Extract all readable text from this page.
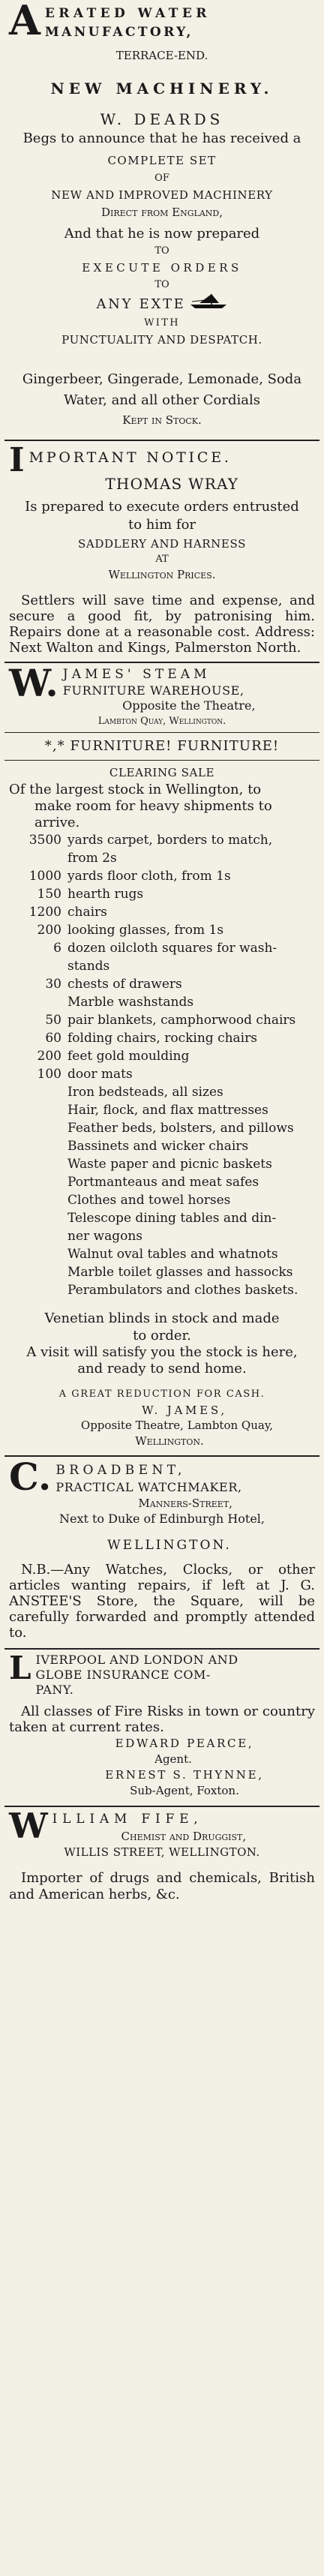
A ERATED WATER
MANUFACTORY,
TERRACE-END.
NEW MACHINERY.
W. DEARDS
Begs to announce that he has received a
COMPLETE SET
OF
NEW AND IMPROVED MACHINERY
Direct from England,
And that he is now prepared
TO
EXECUTE ORDERS
TO
ANY EXTE
WITH
PUNCTUALITY AND DESPATCH.
Gingerbeer, Gingerade, Lemonade, Soda
Water, and all other Cordials
Kept in Stock.
I MPORTANT NOTICE.
THOMAS WRAY
Is prepared to execute orders entrusted
to him for
SADDLERY AND HARNESS
AT
Wellington Prices.
Settlers will save time and expense, and secure a good fit, by patronising him. Repairs done at a reasonable cost. Address: Next Walton and Kings, Palmerston North.
W. JAMES' STEAM
FURNITURE WAREHOUSE,
Opposite the Theatre,
Lambton Quay, Wellington.
*,* FURNITURE! FURNITURE!
CLEARING SALE
Of the largest stock in Wellington, to
make room for heavy shipments to
arrive.
3500 yards carpet, borders to match,
from 2s
1000 yards floor cloth, from 1s
150 hearth rugs
1200 chairs
200 looking glasses, from 1s
6 dozen oilcloth squares for wash-
stands
30 chests of drawers
Marble washstands
50 pair blankets, camphorwood chairs
60 folding chairs, rocking chairs
200 feet gold moulding
100 door mats
Iron bedsteads, all sizes
Hair, flock, and flax mattresses
Feather beds, bolsters, and pillows
Bassinets and wicker chairs
Waste paper and picnic baskets
Portmanteaus and meat safes
Clothes and towel horses
Telescope dining tables and din-
ner wagons
Walnut oval tables and whatnots
Marble toilet glasses and hassocks
Perambulators and clothes baskets.
Venetian blinds in stock and made
to order.
A visit will satisfy you the stock is here,
and ready to send home.
A GREAT REDUCTION FOR CASH.
W. JAMES,
Opposite Theatre, Lambton Quay,
Wellington.
C. BROADBENT,
PRACTICAL WATCHMAKER,
Manners-Street,
Next to Duke of Edinburgh Hotel,
WELLINGTON.
N.B.—Any Watches, Clocks, or other articles wanting repairs, if left at J. G. ANSTEE'S Store, the Square, will be carefully forwarded and promptly attended to.
L IVERPOOL AND LONDON AND
GLOBE INSURANCE COM-
PANY.
All classes of Fire Risks in town or country taken at current rates.
EDWARD PEARCE,
Agent.
ERNEST S. THYNNE,
Sub-Agent, Foxton.
W ILLIAM FIFE,
Chemist and Druggist,
WILLIS STREET, WELLINGTON.
Importer of drugs and chemicals, British and American herbs, &c.
